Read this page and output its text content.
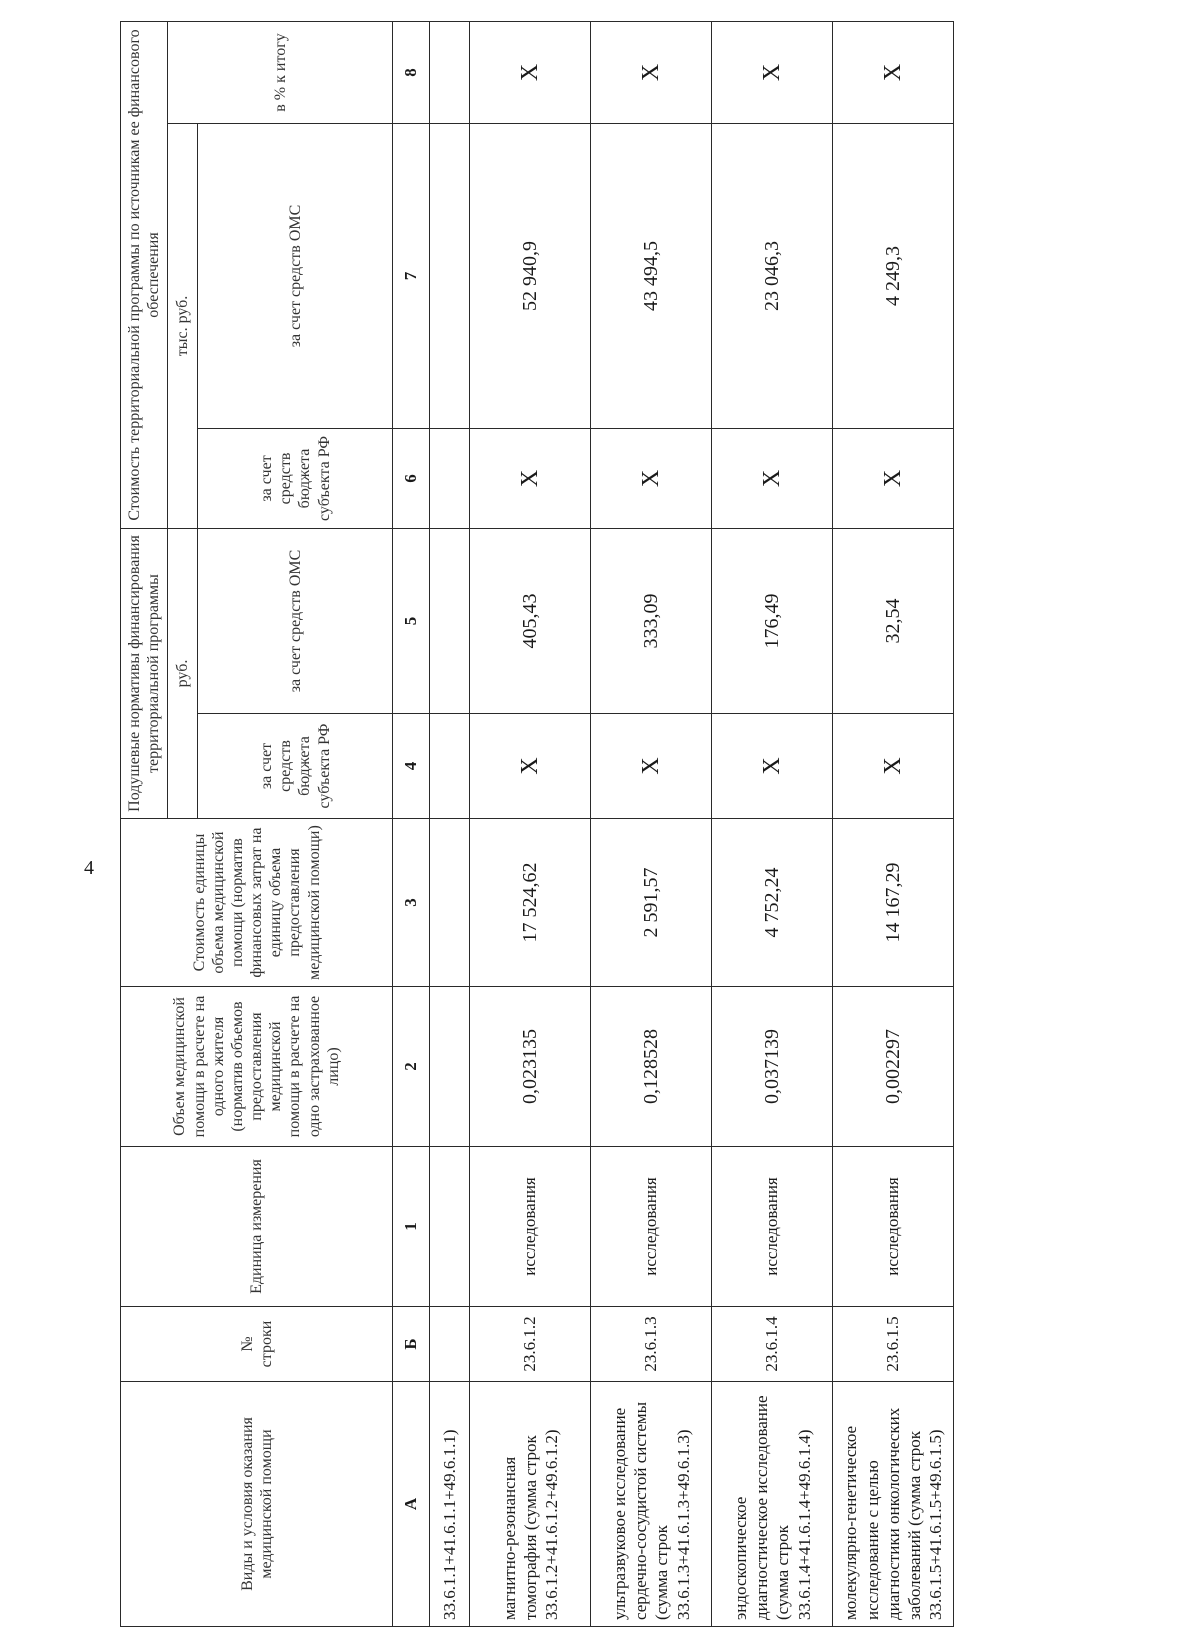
4
Виды и условия оказания медицинской помощи	№ строки	Единица измерения	Объем медицинской помощи в расчете на одного жителя (норматив объемов предоставления медицинской помощи в расчете на одно застрахованное лицо)	Стоимость единицы объема медицинской помощи (норматив финансовых затрат на единицу объема предоставления медицинской помощи)	Подушевые нормативы финансирования территориальной программы		Стоимость территориальной программы по источникам ее финансового обеспечения		
					руб.		тыс. руб.		в % к итогу
					за счет средств бюджета субъекта РФ	за счет средств ОМС	за счет средств бюджета субъекта РФ	за счет средств ОМС	
А	Б	1	2	3	4	5	6	7	8
33.6.1.1+41.6.1.1+49.6.1.1)									
магнитно-резонансная томография (сумма строк 33.6.1.2+41.6.1.2+49.6.1.2)	23.6.1.2	исследования	0,023135	17 524,62	X	405,43	X	52 940,9	X
ультразвуковое исследование сердечно-сосудистой системы (сумма строк 33.6.1.3+41.6.1.3+49.6.1.3)	23.6.1.3	исследования	0,128528	2 591,57	X	333,09	X	43 494,5	X
эндоскопическое диагностическое исследование (сумма строк 33.6.1.4+41.6.1.4+49.6.1.4)	23.6.1.4	исследования	0,037139	4 752,24	X	176,49	X	23 046,3	X
молекулярно-генетическое исследование с целью диагностики онкологических заболеваний (сумма строк 33.6.1.5+41.6.1.5+49.6.1.5)	23.6.1.5	исследования	0,002297	14 167,29	X	32,54	X	4 249,3	X
